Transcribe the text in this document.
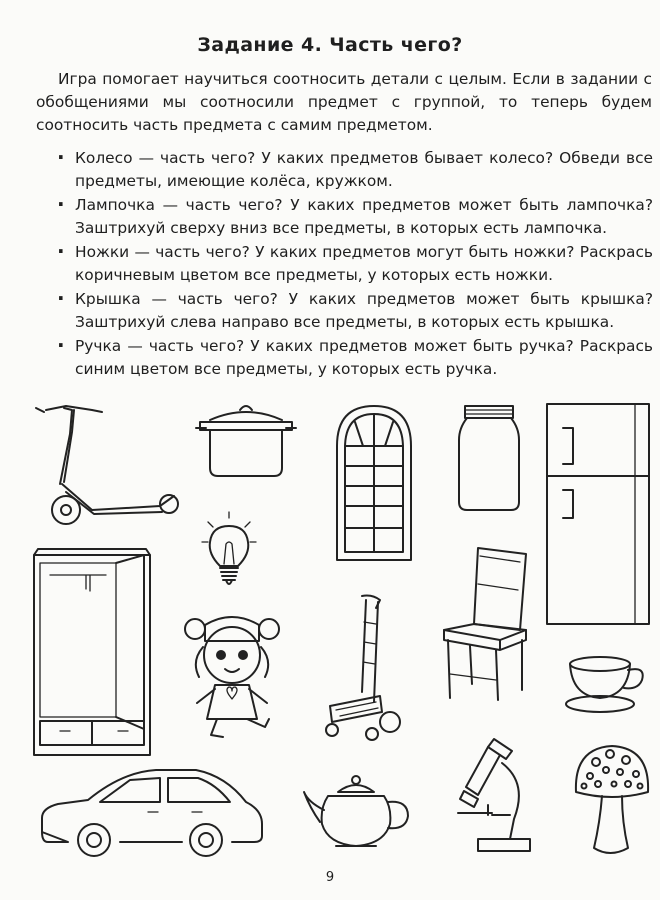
Задание 4. Часть чего?

Игра помогает научиться соотносить детали с целым. Если в задании с обобщениями мы соотносили предмет с группой, то теперь будем соотносить часть предмета с самим предметом.

· Колесо — часть чего? У каких предметов бывает колесо? Обведи все предметы, имеющие колёса, кружком.
· Лампочка — часть чего? У каких предметов может быть лампочка? Заштрихуй сверху вниз все предметы, в которых есть лампочка.
· Ножки — часть чего? У каких предметов могут быть ножки? Раскрась коричневым цветом все предметы, у которых есть ножки.
· Крышка — часть чего? У каких предметов может быть крышка? Заштрихуй слева направо все предметы, в которых есть крышка.
· Ручка — часть чего? У каких предметов может быть ручка? Раскрась синим цветом все предметы, у которых есть ручка.
9
